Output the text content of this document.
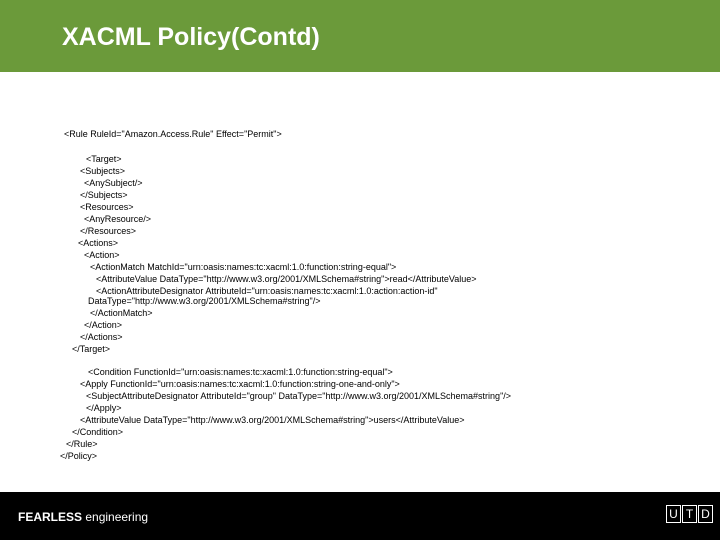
XACML Policy(Contd)
<Rule RuleId="Amazon.Access.Rule" Effect="Permit">
<Target>
<Subjects>
<AnySubject/>
</Subjects>
<Resources>
<AnyResource/>
</Resources>
<Actions>
<Action>
<ActionMatch MatchId="urn:oasis:names:tc:xacml:1.0:function:string-equal">
<AttributeValue DataType="http://www.w3.org/2001/XMLSchema#string">read</AttributeValue>
<ActionAttributeDesignator AttributeId="urn:oasis:names:tc:xacml:1.0:action:action-id"
DataType="http://www.w3.org/2001/XMLSchema#string"/>
</ActionMatch>
</Action>
</Actions>
</Target>
<Condition FunctionId="urn:oasis:names:tc:xacml:1.0:function:string-equal">
<Apply FunctionId="urn:oasis:names:tc:xacml:1.0:function:string-one-and-only">
<SubjectAttributeDesignator AttributeId="group" DataType="http://www.w3.org/2001/XMLSchema#string"/>
</Apply>
<AttributeValue DataType="http://www.w3.org/2001/XMLSchema#string">users</AttributeValue>
</Condition>
</Rule>
</Policy>
FEARLESS engineering	U T D
